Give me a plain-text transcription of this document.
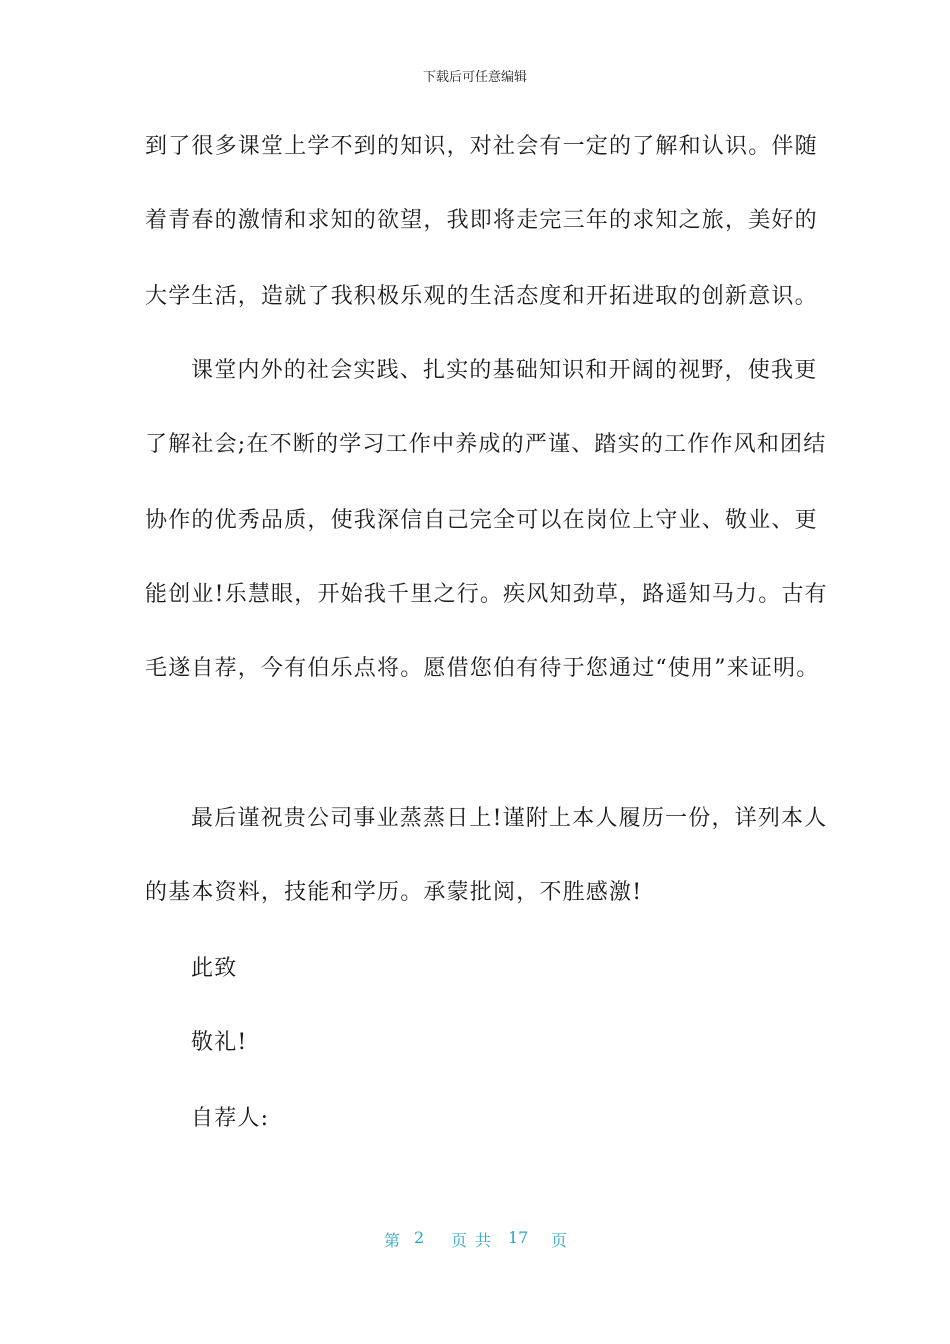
下载后可任意编辑
到了很多课堂上学不到的知识，对社会有一定的了解和认识。伴随
着青春的激情和求知的欲望，我即将走完三年的求知之旅，美好的
大学生活，造就了我积极乐观的生活态度和开拓进取的创新意识。
课堂内外的社会实践、扎实的基础知识和开阔的视野，使我更
了解社会;在不断的学习工作中养成的严谨、踏实的工作作风和团结
协作的优秀品质，使我深信自己完全可以在岗位上守业、敬业、更
能创业!乐慧眼，开始我千里之行。疾风知劲草，路遥知马力。古有
毛遂自荐，今有伯乐点将。愿借您伯有待于您通过“使用”来证明。
最后谨祝贵公司事业蒸蒸日上!谨附上本人履历一份，详列本人
的基本资料，技能和学历。承蒙批阅，不胜感激!
此致
敬礼!
自荐人:
第 2 页共 17 页
